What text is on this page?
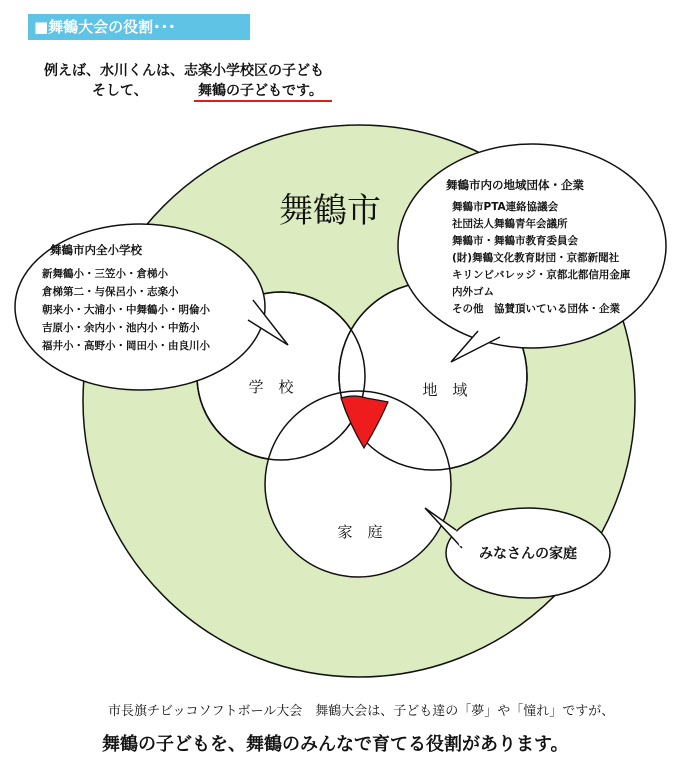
■舞鶴大会の役割･･･
例えば、水川くんは、志楽小学校区の子ども
そして、	舞鶴の子どもです。
舞鶴市
学　校	地　域
家　庭
舞鶴市内全小学校
新舞鶴小・三笠小・倉梯小
倉梯第二・与保呂小・志楽小
朝来小・大浦小・中舞鶴小・明倫小
吉原小・余内小・池内小・中筋小
福井小・高野小・岡田小・由良川小
舞鶴市内の地域団体・企業
舞鶴市PTA連絡協議会
社団法人舞鶴青年会議所
舞鶴市・舞鶴市教育委員会
(財)舞鶴文化教育財団・京都新聞社
キリンビバレッジ・京都北都信用金庫
内外ゴム
その他　協賛頂いている団体・企業
みなさんの家庭
市長旗チビッコソフトボール大会　舞鶴大会は、子ども達の「夢」や「憧れ」ですが、
舞鶴の子どもを、舞鶴のみんなで育てる役割があります。
